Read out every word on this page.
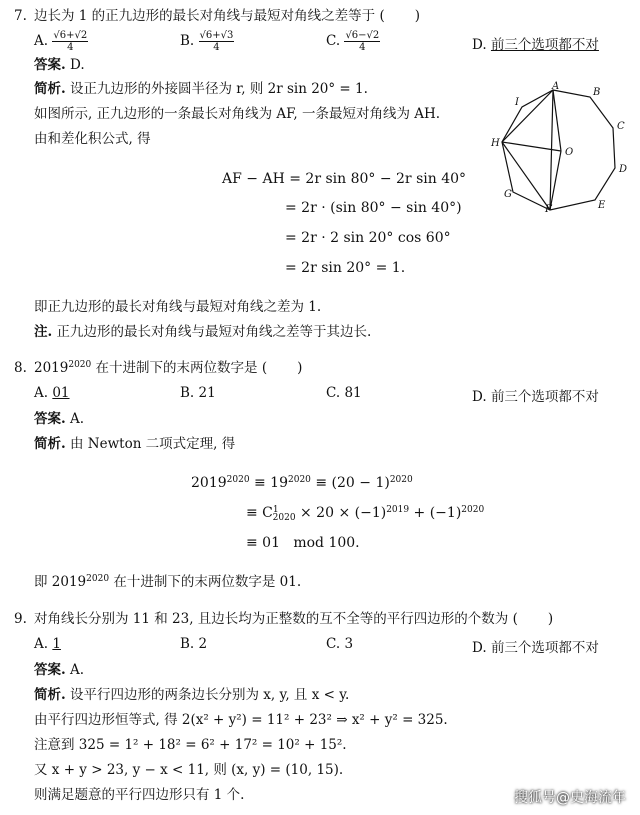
7. 边长为 1 的正九边形的最长对角线与最短对角线之差等于 ( )
A. $\frac{√6+√2}{4}$	B. $\frac{√6+√3}{4}$	C. $\frac{√6-√2}{4}$	D. 前三个选项都不对
答案. D.
简析. 设正九边形的外接圆半径为 r, 则 2r sin 20° = 1.
如图所示, 正九边形的一条最长对角线为 AF, 一条最短对角线为 AH.
由和差化积公式, 得
AF − AH = 2r sin 80° − 2r sin 40°
= 2r · (sin 80° − sin 40°)
= 2r · 2 sin 20° cos 60°
= 2r sin 20° = 1.
即正九边形的最长对角线与最短对角线之差为 1.
注. 正九边形的最长对角线与最短对角线之差等于其边长.
A
B
C
D
E
F
G
H
I
O
8. $2019^{2020}$ 在十进制下的末两位数字是 ( )
A. 01	B. 21	C. 81	D. 前三个选项都不对
答案. A.
简析. 由 Newton 二项式定理, 得
$2019^{2020} \equiv 19^{2020} \equiv (20 - 1)^{2020}$
≡ $C^1_{2020} \times 20 \times (-1)^{2019} + (-1)^{2020}$
≡ 01   mod 100.
即 $2019^{2020}$ 在十进制下的末两位数字是 01.
9. 对角线长分别为 11 和 23, 且边长均为正整数的互不全等的平行四边形的个数为 ( )
A. 1	B. 2	C. 3	D. 前三个选项都不对
答案. A.
简析. 设平行四边形的两条边长分别为 x, y, 且 x < y.
由平行四边形恒等式, 得 2(x² + y²) = 11² + 23² ⇒ x² + y² = 325.
注意到 325 = 1² + 18² = 6² + 17² = 10² + 15².
又 x + y > 23, y − x < 11, 则 (x, y) = (10, 15).
则满足题意的平行四边形只有 1 个.	搜狐号@史海流年
